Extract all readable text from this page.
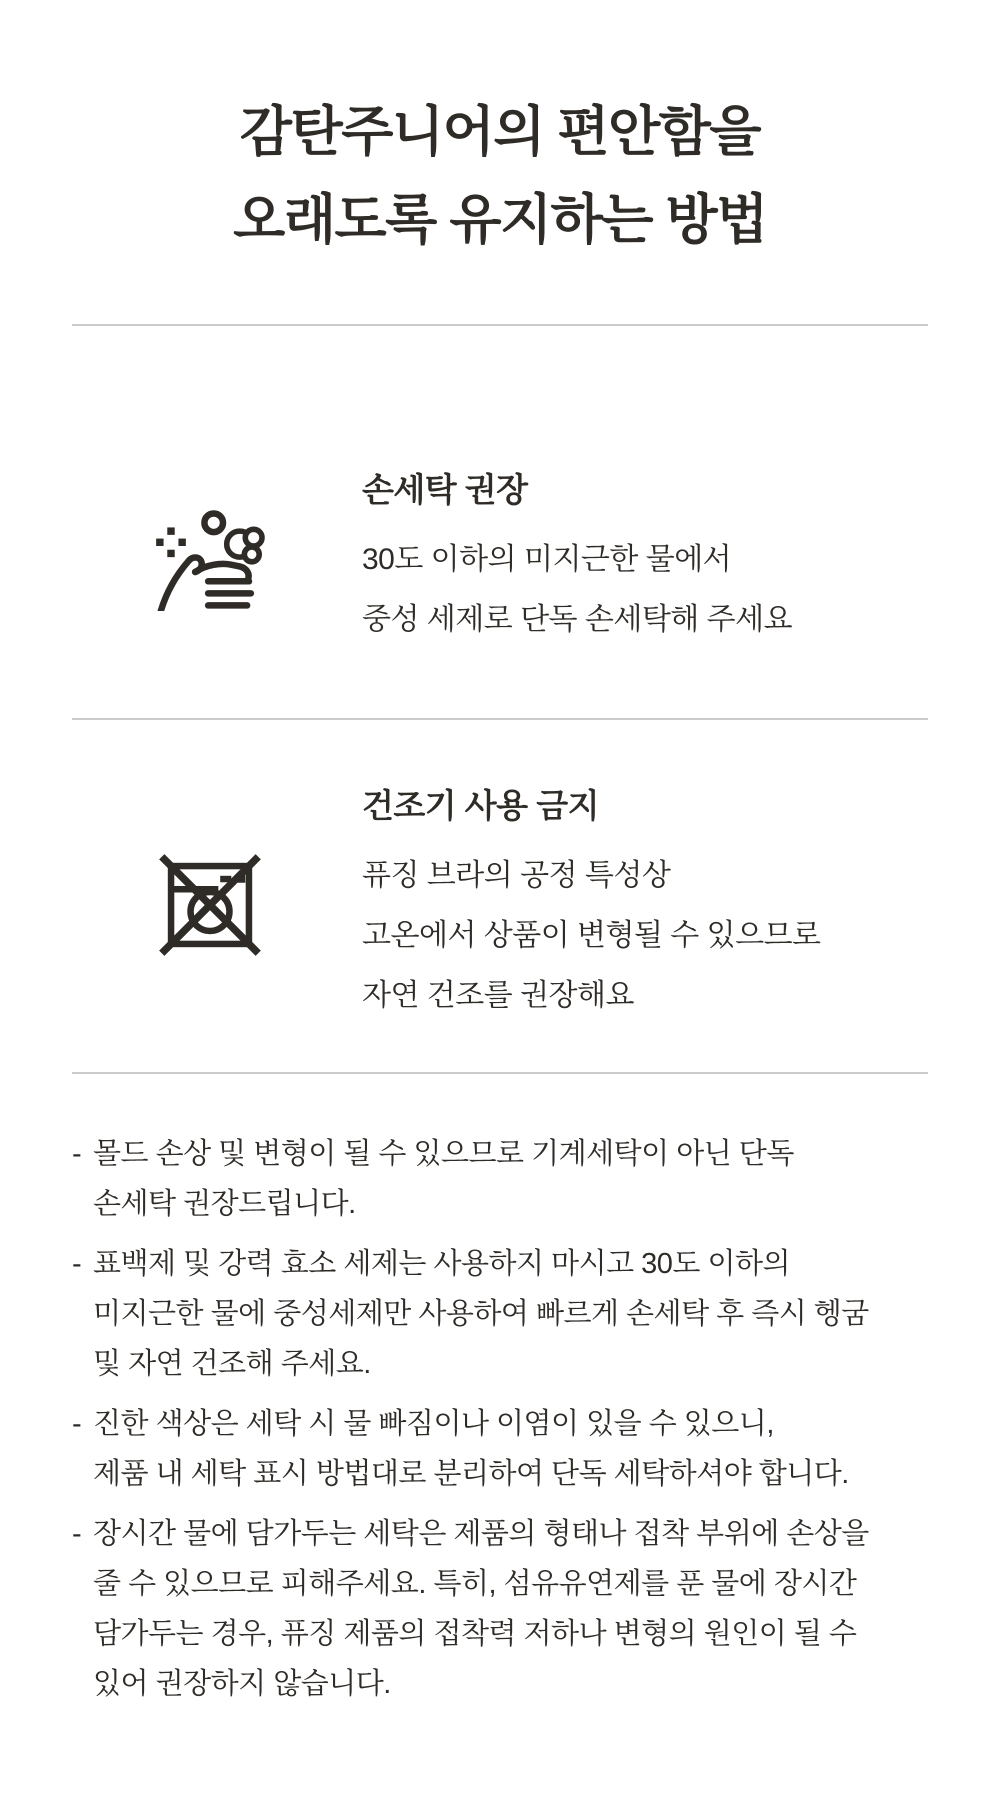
감탄주니어의 편안함을
오래도록 유지하는 방법
손세탁 권장

30도 이하의 미지근한 물에서

중성 세제로 단독 손세탁해 주세요

건조기 사용 금지

퓨징 브라의 공정 특성상

고온에서 상품이 변형될 수 있으므로

자연 건조를 권장해요

- 몰드 손상 및 변형이 될 수 있으므로 기계세탁이 아닌 단독
손세탁 권장드립니다.
- 표백제 및 강력 효소 세제는 사용하지 마시고 30도 이하의
미지근한 물에 중성세제만 사용하여 빠르게 손세탁 후 즉시 헹굼
및 자연 건조해 주세요.
- 진한 색상은 세탁 시 물 빠짐이나 이염이 있을 수 있으니,
제품 내 세탁 표시 방법대로 분리하여 단독 세탁하셔야 합니다.
- 장시간 물에 담가두는 세탁은 제품의 형태나 접착 부위에 손상을
줄 수 있으므로 피해주세요. 특히, 섬유유연제를 푼 물에 장시간
담가두는 경우, 퓨징 제품의 접착력 저하나 변형의 원인이 될 수
있어 권장하지 않습니다.
